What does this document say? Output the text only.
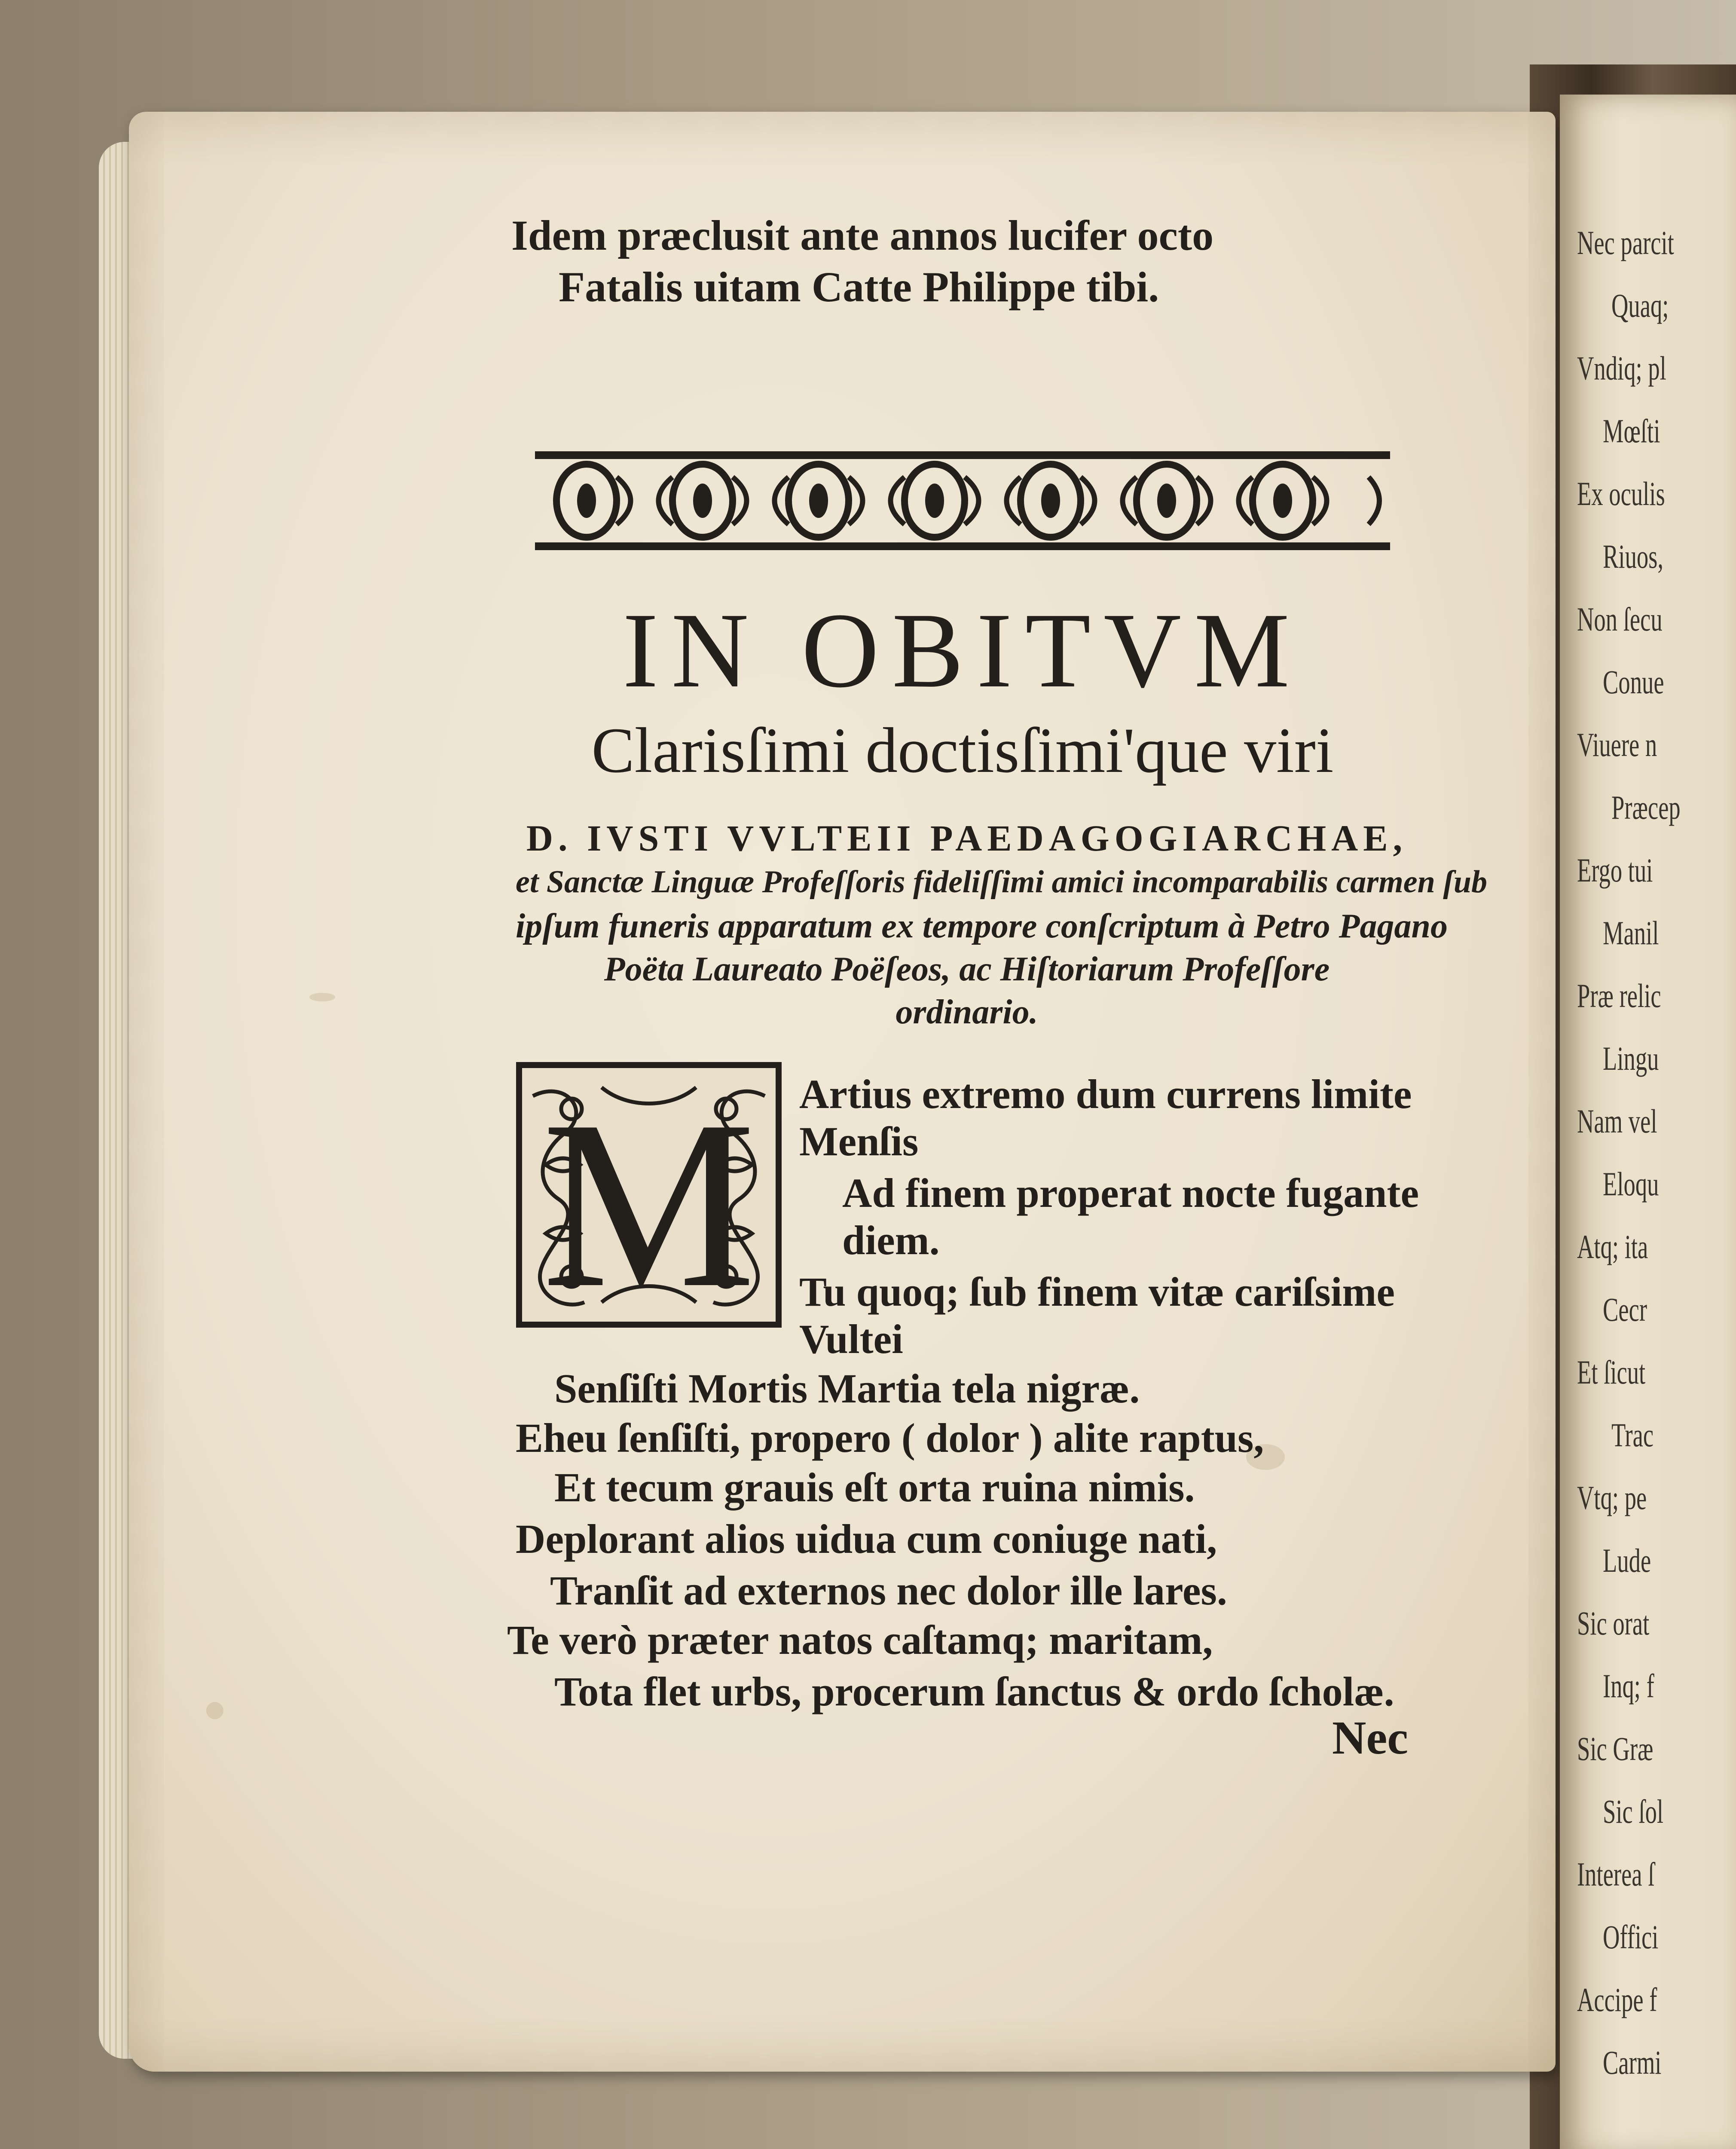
Idem præclusit ante annos lucifer octo
Fatalis uitam Catte Philippe tibi.
IN OBITVM
Clarisſimi doctisſimi'que viri
D. IVSTI VVLTEII PAEDAGOGIARCHAE,
et Sanctæ Linguæ Profeſſoris fideliſſimi amici incomparabilis carmen ſub
ipſum funeris apparatum ex tempore conſcriptum à Petro Pagano
Poëta Laureato Poëſeos, ac Hiſtoriarum Profeſſore
ordinario.
M Artius extremo dum currens limite
Menſis
Ad finem properat nocte fugante
diem.
Tu quoq; ſub finem vitæ cariſsime
Vultei
Senſiſti Mortis Martia tela nigræ.
Eheu ſenſiſti, propero ( dolor ) alite raptus,
Et tecum grauis eſt orta ruina nimis.
Deplorant alios uidua cum coniuge nati,
Tranſit ad externos nec dolor ille lares.
Te verò præter natos caſtamq; maritam,
Tota flet urbs, procerum ſanctus & ordo ſcholæ.
Nec
Nec parcit
Quaq;
Vndiq; pl
Mœſti
Ex oculis
Riuos,
Non ſecu
Conue
Viuere n
Præcep
Ergo tui
Manil
Præ relic
Lingu
Nam vel
Eloqu
Atq; ita
Cecr
Et ſicut
Trac
Vtq; pe
Lude
Sic orat
Inq; f
Sic Græ
Sic ſol
Interea ſ
Offici
Accipe f
Carmi
